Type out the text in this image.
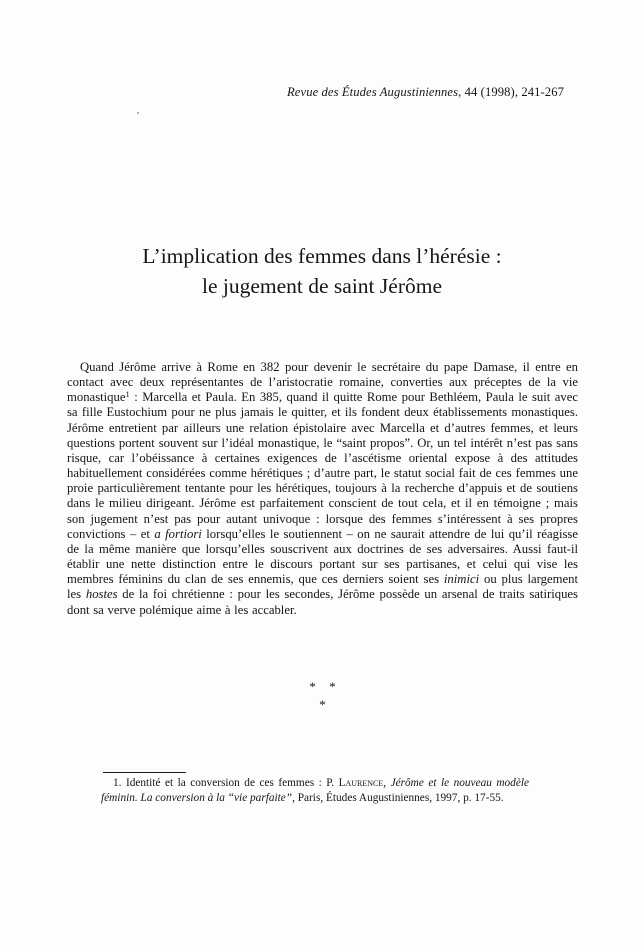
Revue des Études Augustiniennes, 44 (1998), 241-267
L’implication des femmes dans l’hérésie :
le jugement de saint Jérôme

Quand Jérôme arrive à Rome en 382 pour devenir le secrétaire du pape Damase, il entre en contact avec deux représentantes de l’aristocratie romaine, converties aux préceptes de la vie monastique$^1$ : Marcella et Paula. En 385, quand il quitte Rome pour Bethléem, Paula le suit avec sa fille Eustochium pour ne plus jamais le quitter, et ils fondent deux établissements monastiques. Jérôme entretient par ailleurs une relation épistolaire avec Marcella et d’autres femmes, et leurs questions portent souvent sur l’idéal monastique, le “saint propos”. Or, un tel intérêt n’est pas sans risque, car l’obéissance à certaines exigences de l’ascétisme oriental expose à des attitudes habituellement considérées comme hérétiques ; d’autre part, le statut social fait de ces femmes une proie particulièrement tentante pour les hérétiques, toujours à la recherche d’appuis et de soutiens dans le milieu dirigeant. Jérôme est parfaitement conscient de tout cela, et il en témoigne ; mais son jugement n’est pas pour autant univoque : lorsque des femmes s’intéressent à ses propres convictions – et a fortiori lorsqu’elles le soutiennent – on ne saurait attendre de lui qu’il réagisse de la même manière que lorsqu’elles souscrivent aux doctrines de ses adversaires. Aussi faut-il établir une nette distinction entre le discours portant sur ses partisanes, et celui qui vise les membres féminins du clan de ses ennemis, que ces derniers soient ses inimici ou plus largement les hostes de la foi chrétienne : pour les secondes, Jérôme possède un arsenal de traits satiriques dont sa verve polémique aime à les accabler.

* *
*

1. Identité et la conversion de ces femmes : P. Laurence, Jérôme et le nouveau modèle féminin. La conversion à la “vie parfaite”, Paris, Études Augustiniennes, 1997, p. 17-55.
